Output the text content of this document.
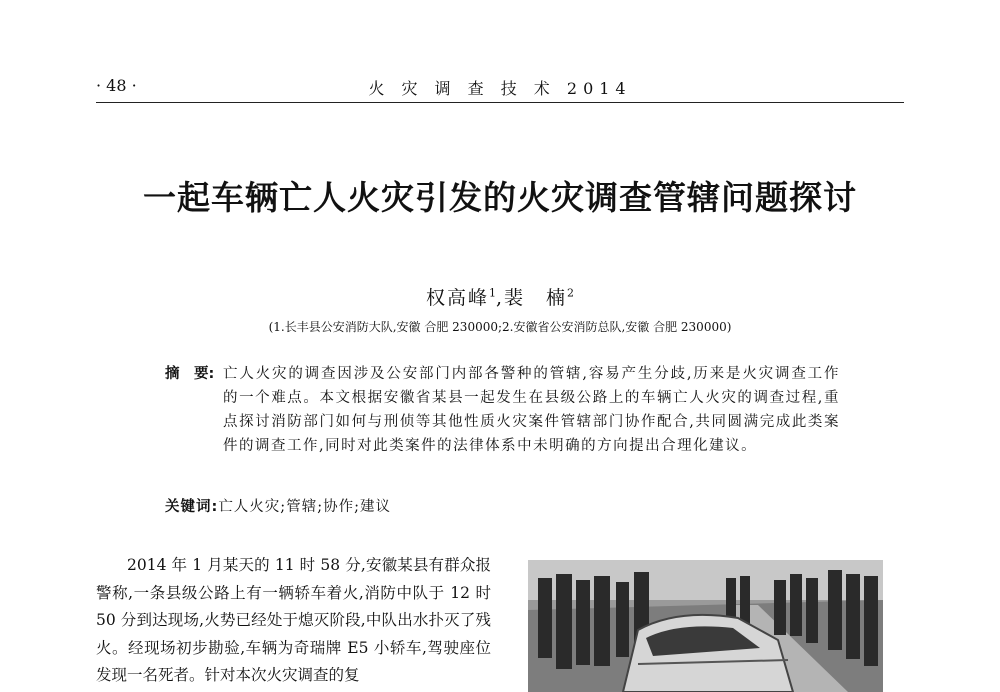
· 48 ·	火 灾 调 查 技 术 2014
一起车辆亡人火灾引发的火灾调查管辖问题探讨
权高峰$^1$,裴　楠$^2$
(1.长丰县公安消防大队,安徽 合肥 230000;2.安徽省公安消防总队,安徽 合肥 230000)
摘　要: 亡人火灾的调查因涉及公安部门内部各警种的管辖,容易产生分歧,历来是火灾调查工作的一个难点。本文根据安徽省某县一起发生在县级公路上的车辆亡人火灾的调查过程,重点探讨消防部门如何与刑侦等其他性质火灾案件管辖部门协作配合,共同圆满完成此类案件的调查工作,同时对此类案件的法律体系中未明确的方向提出合理化建议。
关键词:亡人火灾;管辖;协作;建议

2014 年 1 月某天的 11 时 58 分,安徽某县有群众报警称,一条县级公路上有一辆轿车着火,消防中队于 12 时 50 分到达现场,火势已经处于熄灭阶段,中队出水扑灭了残火。经现场初步勘验,车辆为奇瑞牌 E5 小轿车,驾驶座位发现一名死者。针对本次火灾调查的复
